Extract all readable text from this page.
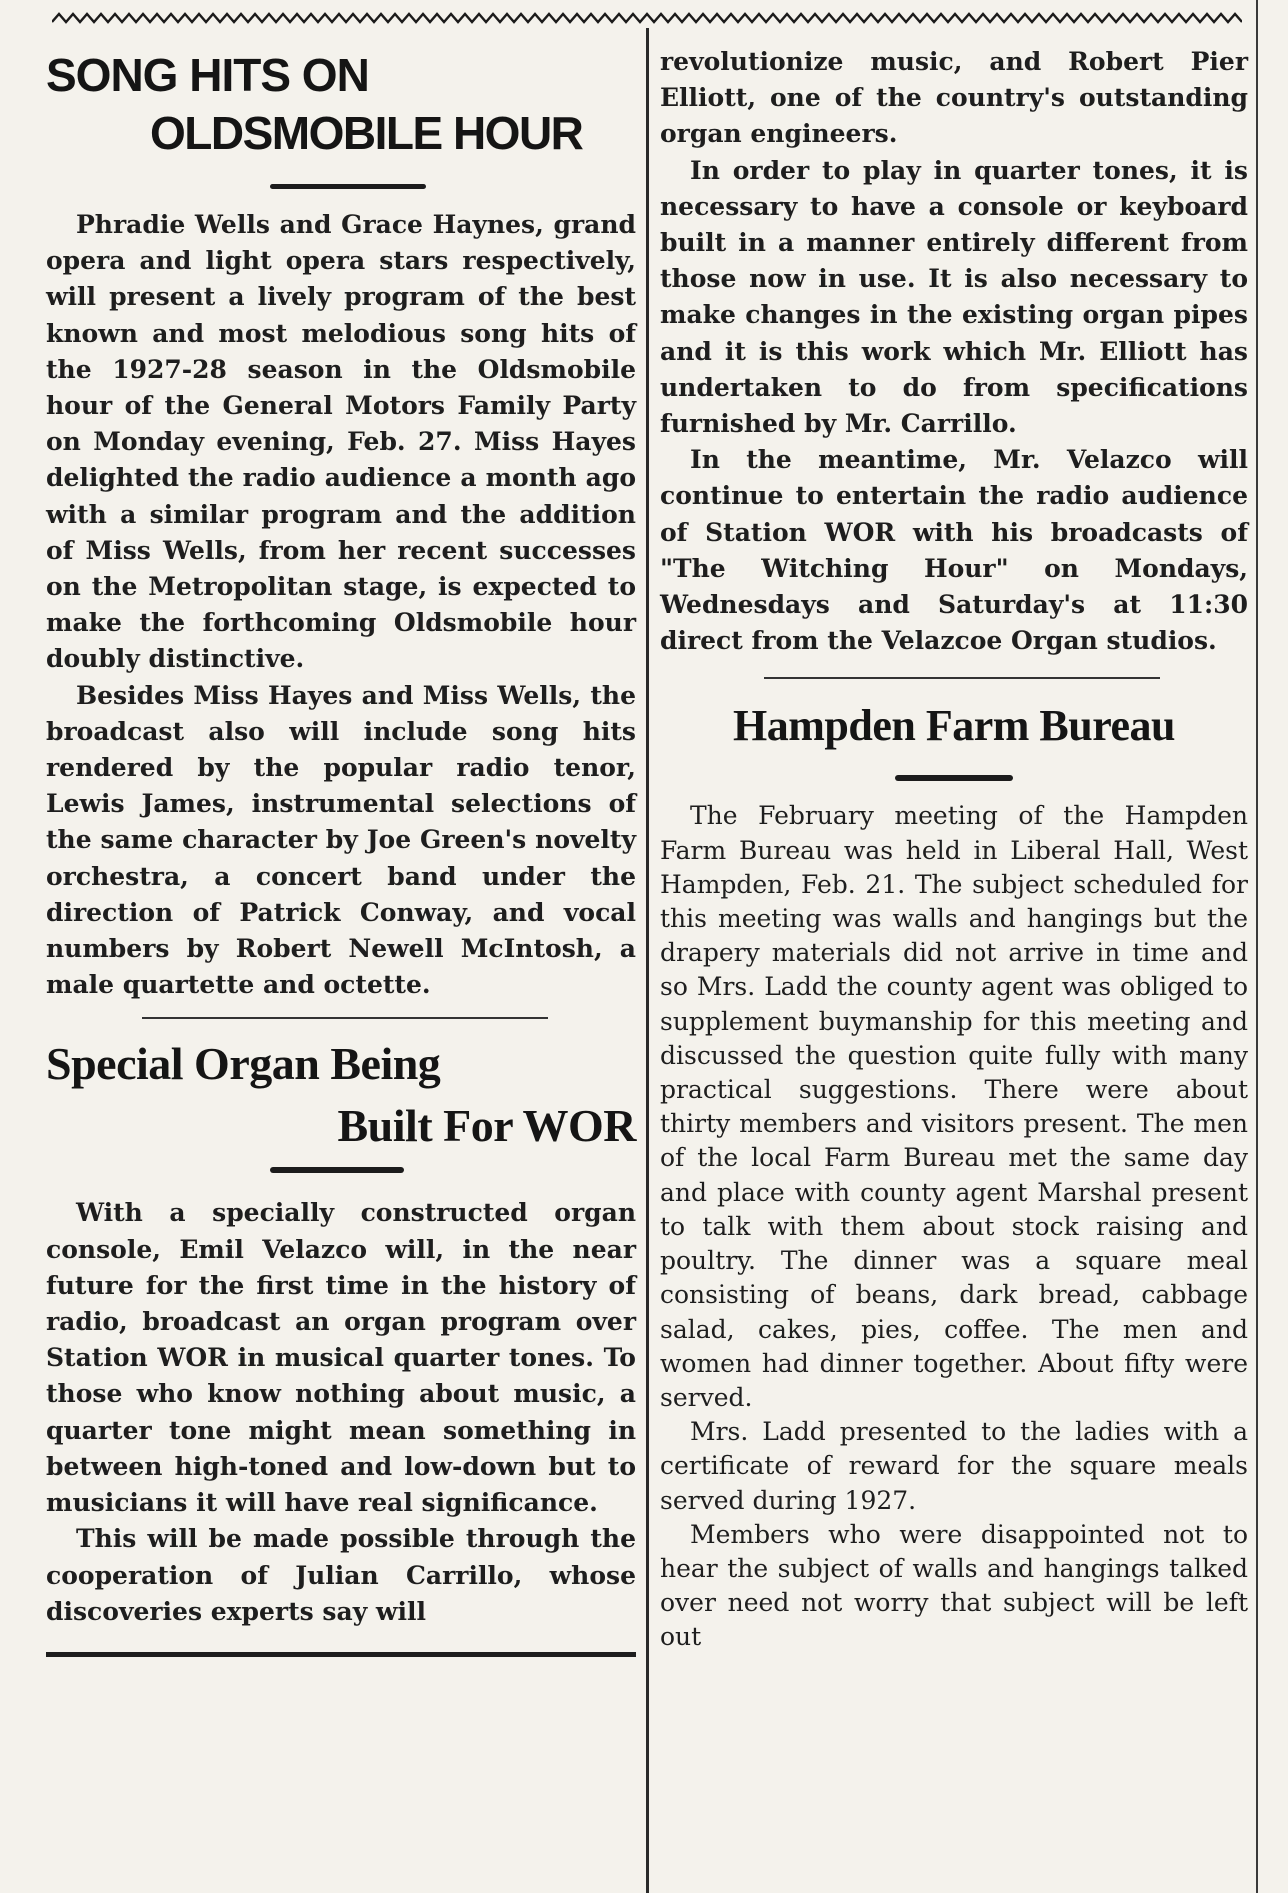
SONG HITS ON
OLDSMOBILE HOUR

Phradie Wells and Grace Haynes, grand opera and light opera stars respectively, will present a lively program of the best known and most melodious song hits of the 1927-28 season in the Oldsmobile hour of the General Motors Family Party on Monday evening, Feb. 27. Miss Hayes delighted the radio audience a month ago with a similar program and the addition of Miss Wells, from her recent successes on the Metropolitan stage, is expected to make the forthcoming Oldsmobile hour doubly distinctive.

Besides Miss Hayes and Miss Wells, the broadcast also will include song hits rendered by the popular radio tenor, Lewis James, instrumental selections of the same character by Joe Green's novelty orchestra, a concert band under the direction of Patrick Conway, and vocal numbers by Robert Newell McIntosh, a male quartette and octette.

Special Organ Being
Built For WOR

With a specially constructed organ console, Emil Velazco will, in the near future for the first time in the history of radio, broadcast an organ program over Station WOR in musical quarter tones. To those who know nothing about music, a quarter tone might mean something in between high-toned and low-down but to musicians it will have real significance.

This will be made possible through the cooperation of Julian Carrillo, whose discoveries experts say will

revolutionize music, and Robert Pier Elliott, one of the country's outstanding organ engineers.

In order to play in quarter tones, it is necessary to have a console or keyboard built in a manner entirely different from those now in use. It is also necessary to make changes in the existing organ pipes and it is this work which Mr. Elliott has undertaken to do from specifications furnished by Mr. Carrillo.

In the meantime, Mr. Velazco will continue to entertain the radio audience of Station WOR with his broadcasts of "The Witching Hour" on Mondays, Wednesdays and Saturday's at 11:30 direct from the Velazcoe Organ studios.

Hampden Farm Bureau

The February meeting of the Hampden Farm Bureau was held in Liberal Hall, West Hampden, Feb. 21. The subject scheduled for this meeting was walls and hangings but the drapery materials did not arrive in time and so Mrs. Ladd the county agent was obliged to supplement buymanship for this meeting and discussed the question quite fully with many practical suggestions. There were about thirty members and visitors present. The men of the local Farm Bureau met the same day and place with county agent Marshal present to talk with them about stock raising and poultry. The dinner was a square meal consisting of beans, dark bread, cabbage salad, cakes, pies, coffee. The men and women had dinner together. About fifty were served.

Mrs. Ladd presented to the ladies with a certificate of reward for the square meals served during 1927.

Members who were disappointed not to hear the subject of walls and hangings talked over need not worry that subject will be left out
